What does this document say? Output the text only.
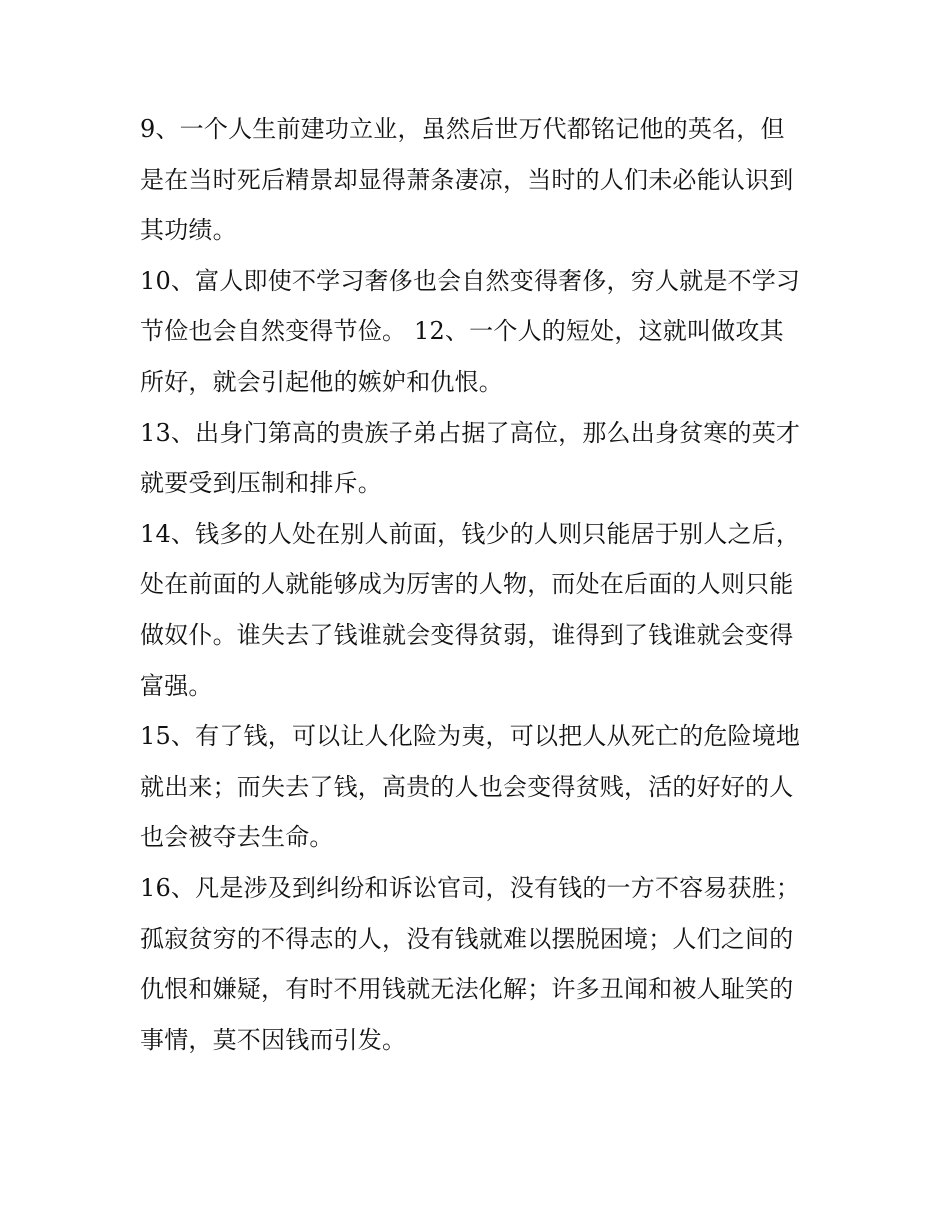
9、一个人生前建功立业，虽然后世万代都铭记他的英名，但
是在当时死后精景却显得萧条凄凉，当时的人们未必能认识到
其功绩。

10、富人即使不学习奢侈也会自然变得奢侈，穷人就是不学习
节俭也会自然变得节俭。 12、一个人的短处，这就叫做攻其
所好，就会引起他的嫉妒和仇恨。

13、出身门第高的贵族子弟占据了高位，那么出身贫寒的英才
就要受到压制和排斥。

14、钱多的人处在别人前面，钱少的人则只能居于别人之后，
处在前面的人就能够成为厉害的人物，而处在后面的人则只能
做奴仆。谁失去了钱谁就会变得贫弱，谁得到了钱谁就会变得
富强。

15、有了钱，可以让人化险为夷，可以把人从死亡的危险境地
就出来；而失去了钱，高贵的人也会变得贫贱，活的好好的人
也会被夺去生命。

16、凡是涉及到纠纷和诉讼官司，没有钱的一方不容易获胜；
孤寂贫穷的不得志的人，没有钱就难以摆脱困境；人们之间的
仇恨和嫌疑，有时不用钱就无法化解；许多丑闻和被人耻笑的
事情，莫不因钱而引发。
